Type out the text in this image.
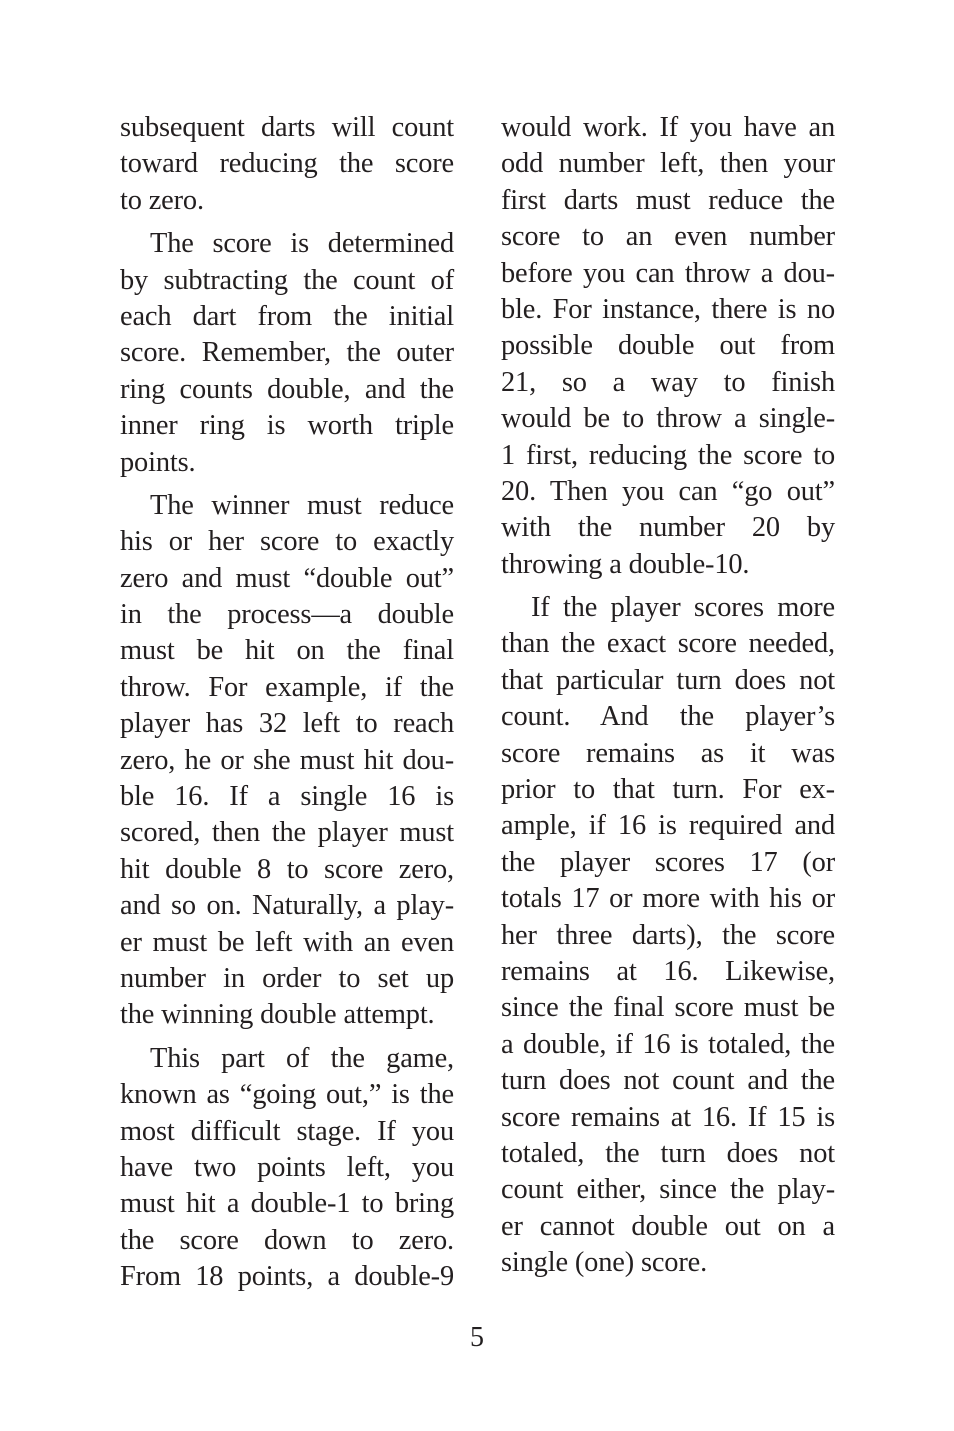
subsequent darts will count
toward reducing the score
to zero.
The score is determined
by subtracting the count of
each dart from the initial
score. Remember, the outer
ring counts double, and the
inner ring is worth triple
points.
The winner must reduce
his or her score to exactly
zero and must “double out”
in the process—a double
must be hit on the final
throw. For example, if the
player has 32 left to reach
zero, he or she must hit dou-
ble 16. If a single 16 is
scored, then the player must
hit double 8 to score zero,
and so on. Naturally, a play-
er must be left with an even
number in order to set up
the winning double attempt.
This part of the game,
known as “going out,” is the
most difficult stage. If you
have two points left, you
must hit a double-1 to bring
the score down to zero.
From 18 points, a double-9
would work. If you have an
odd number left, then your
first darts must reduce the
score to an even number
before you can throw a dou-
ble. For instance, there is no
possible double out from
21, so a way to finish
would be to throw a single-
1 first, reducing the score to
20. Then you can “go out”
with the number 20 by
throwing a double-10.
If the player scores more
than the exact score needed,
that particular turn does not
count. And the player’s
score remains as it was
prior to that turn. For ex-
ample, if 16 is required and
the player scores 17 (or
totals 17 or more with his or
her three darts), the score
remains at 16. Likewise,
since the final score must be
a double, if 16 is totaled, the
turn does not count and the
score remains at 16. If 15 is
totaled, the turn does not
count either, since the play-
er cannot double out on a
single (one) score.
5
